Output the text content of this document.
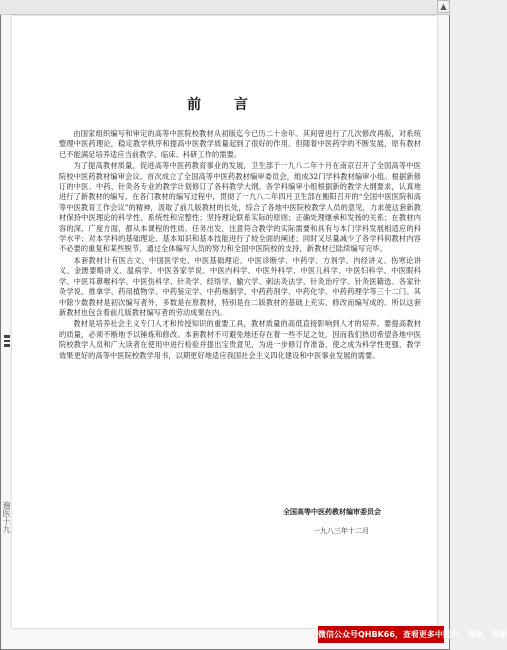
▲
遍医十九
前 言

由国家组织编写和审定的高等中医院校教材从初版迄今已历二十余年。其间曾进行了几次修改再版，对系统整理中医药理论，稳定教学秩序和提高中医教学质量起到了很好的作用。但随着中医药学的不断发展，原有教材已不能满足培养适应当前教学、临床、科研工作的需要。

为了提高教材质量，促进高等中医药教育事业的发展，卫生部于一九八二年十月在南京召开了全国高等中医院校中医药教材编审会议。首次成立了全国高等中医药教材编审委员会，组成32门学科教材编审小组。根据新修订的中医、中药、针灸各专业的教学计划修订了各科教学大纲。各学科编审小组根据新的教学大纲要求，认真地进行了新教材的编写。在各门教材的编写过程中，贯彻了一九八二年四月卫生部在衡阳召开的“全国中医医院和高等中医教育工作会议”的精神，汲取了前几版教材的长处，综合了各地中医院校教学人员的意见，力求使这套新教材保持中医理论的科学性、系统性和完整性；坚持理论联系实际的原则；正确处理继承和发扬的关系；在教材内容的深、广度方面，都从本课程的性质、任务出发，注意符合教学的实际需要和具有与本门学科发展相适应的科学水平；对本学科的基础理论、基本知识和基本技能进行了较全面的阐述；同时又尽量减少了各学科间教材内容不必要的重复和某些脱节。通过全体编写人员的努力和全国中医院校的支持，新教材已陆续编写完毕。

本套教材计有医古文、中国医学史、中医基础理论、中医诊断学、中药学、方剂学、内经讲义、伤寒论讲义、金匮要略讲义、温病学、中医各家学说、中医内科学、中医外科学、中医儿科学、中医妇科学、中医眼科学、中医耳鼻喉科学、中医伤科学、针灸学、经络学、腧穴学、刺法灸法学、针灸治疗学、针灸医籍选、各家针灸学说、推拿学、药用植物学、中药鉴定学、中药炮制学、中药药剂学、中药化学、中药药理学等三十二门。其中除少数教材是初次编写者外，多数是在原教材，特别是在二版教材的基础上充实、修改而编写成的。所以这套新教材也包含着前几版教材编写者的劳动成果在内。

教材是培养社会主义专门人才和传授知识的重要工具，教材质量的高低直接影响到人才的培养。要提高教材的质量，必须不断地予以锤炼和修改。本套教材不可避免地还存在着一些不足之处，因而我们热切希望各地中医院校教学人员和广大读者在使用中进行检验并提出宝贵意见，为进一步修订作准备，使之成为科学性更强、教学效果更好的高等中医院校教学用书，以期更好地适应我国社会主义四化建设和中医事业发展的需要。

全国高等中医药教材编审委员会
一九八三年十二月
微信公众号QHBK66，查看更多中医书、视频、音频
